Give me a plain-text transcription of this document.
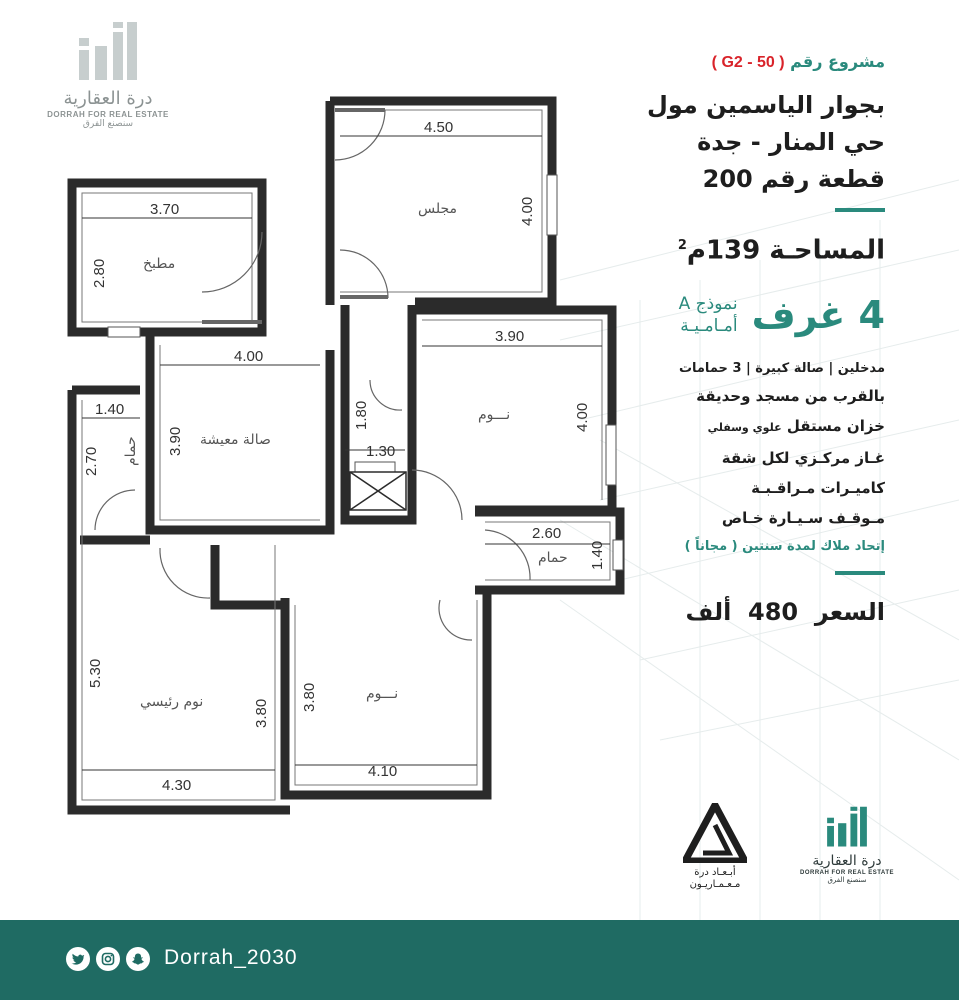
درة العقارية
DORRAH FOR REAL ESTATE
سنصنع الفرق	4.50
4.00
3.70
2.80
4.00
3.90
1.40
2.70
1.80
1.30
3.90
4.00
2.60
1.40
5.30
3.80
4.30
3.80
4.10
مجلس
مطبخ
صالة معيشة
حمام
نـــوم
حمام
نوم رئيسي	نـــوم
مشروع رقم ( G2 - 50 )
بجوار الياسمين مول
حي المنار - جدة
قطعة رقم 200
المساحـة 139م$^2$
4 غرف
نموذج A
أمـامـيـة
مدخلين | صالة كبيرة | 3 حمامات
بالقرب من مسجد وحديقة
خزان مستقل علوي وسفلي
غـاز مركـزي لكل شقة
كاميـرات مـراقـبـة
مـوقـف سـيـارة خـاص
إتحاد ملاك لمدة سنتين ( مجاناً )
السعر  480  ألف
أبـعـاد درة
مـعـمـاريـون
درة العقارية
DORRAH FOR REAL ESTATE
سنصنع الفرق
Dorrah_2030
